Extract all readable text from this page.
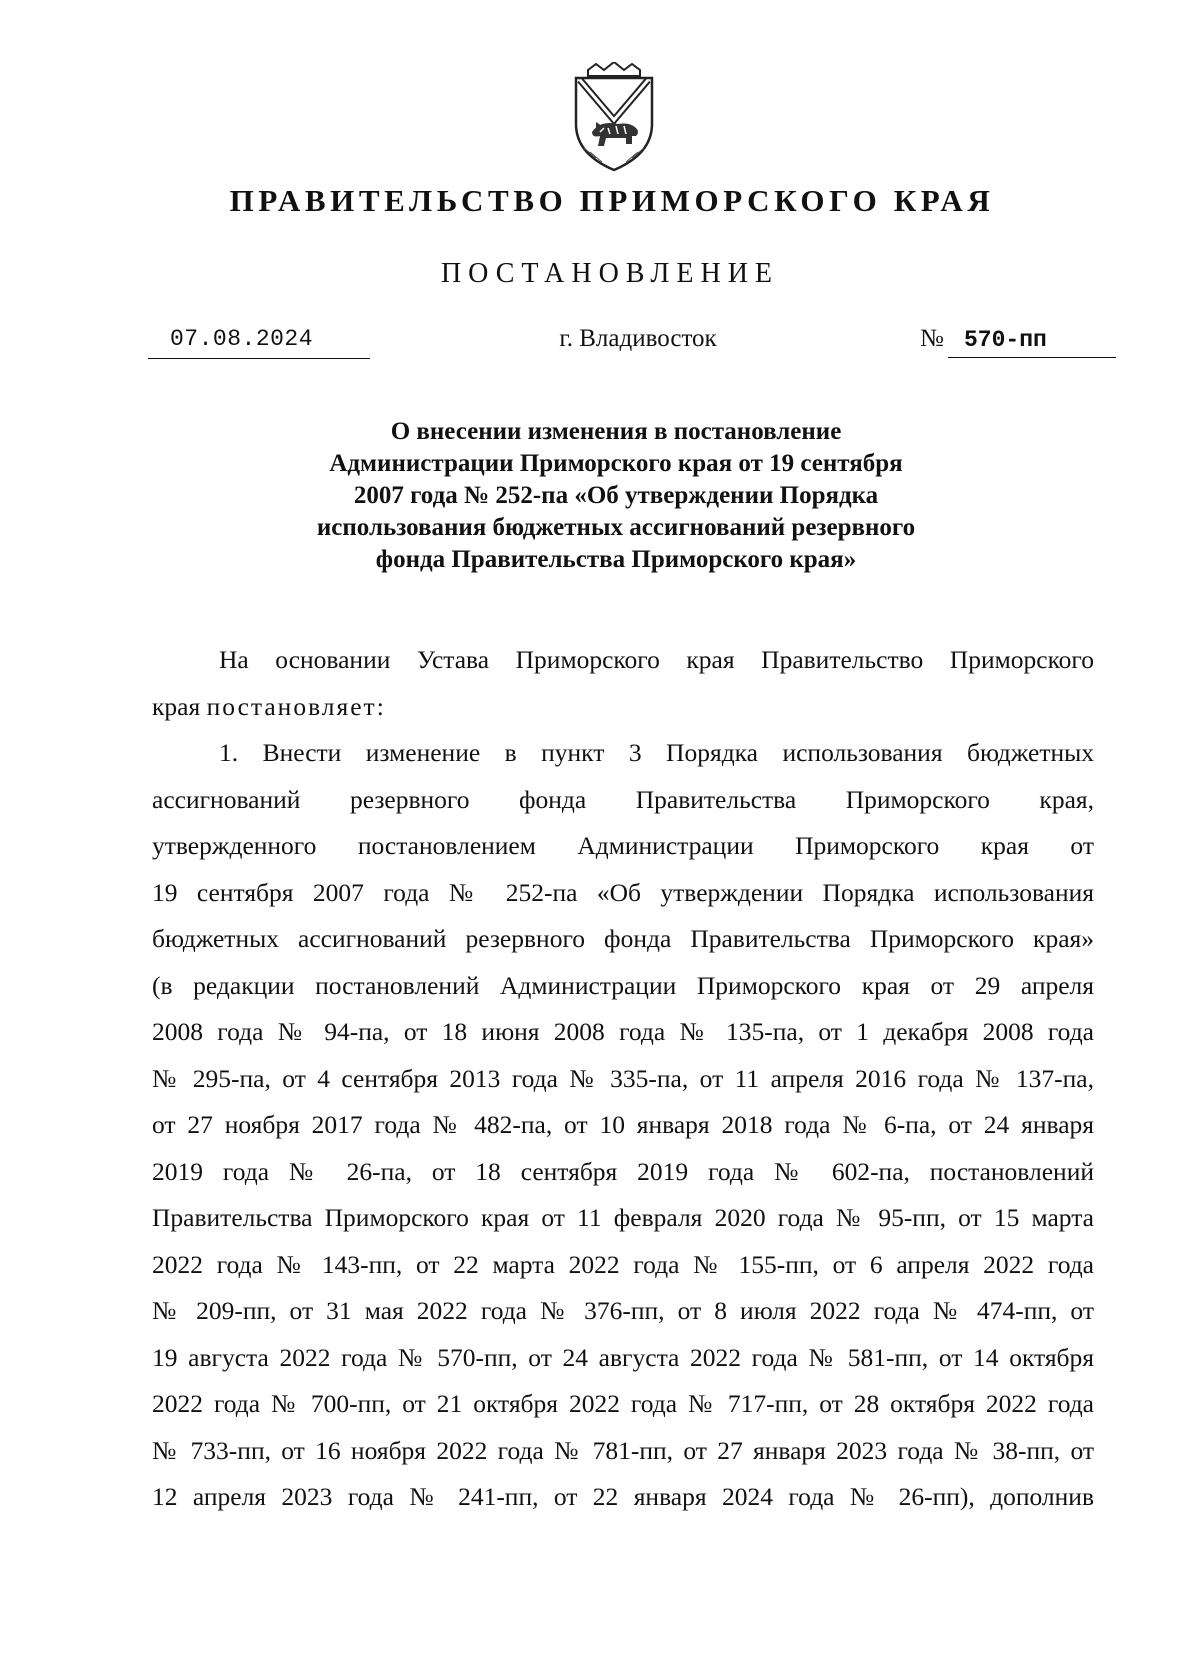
ПРАВИТЕЛЬСТВО ПРИМОРСКОГО КРАЯ
ПОСТАНОВЛЕНИЕ
07.08.2024	г. Владивосток	№ 570-пп
О внесении изменения в постановление
Администрации Приморского края от 19 сентября
2007 года № 252-па «Об утверждении Порядка
использования бюджетных ассигнований резервного
фонда Правительства Приморского края»
На основании Устава Приморского края Правительство Приморского
края постановляет:
1. Внести изменение в пункт 3 Порядка использования бюджетных
ассигнований резервного фонда Правительства Приморского края,
утвержденного постановлением Администрации Приморского края от
19 сентября 2007 года № 252-па «Об утверждении Порядка использования
бюджетных ассигнований резервного фонда Правительства Приморского края»
(в редакции постановлений Администрации Приморского края от 29 апреля
2008 года № 94-па, от 18 июня 2008 года № 135-па, от 1 декабря 2008 года
№ 295-па, от 4 сентября 2013 года № 335-па, от 11 апреля 2016 года № 137-па,
от 27 ноября 2017 года № 482-па, от 10 января 2018 года № 6-па, от 24 января
2019 года № 26-па, от 18 сентября 2019 года № 602-па, постановлений
Правительства Приморского края от 11 февраля 2020 года № 95-пп, от 15 марта
2022 года № 143-пп, от 22 марта 2022 года № 155-пп, от 6 апреля 2022 года
№ 209-пп, от 31 мая 2022 года № 376-пп, от 8 июля 2022 года № 474-пп, от
19 августа 2022 года № 570-пп, от 24 августа 2022 года № 581-пп, от 14 октября
2022 года № 700-пп, от 21 октября 2022 года № 717-пп, от 28 октября 2022 года
№ 733-пп, от 16 ноября 2022 года № 781-пп, от 27 января 2023 года № 38-пп, от
12 апреля 2023 года № 241-пп, от 22 января 2024 года № 26-пп), дополнив
